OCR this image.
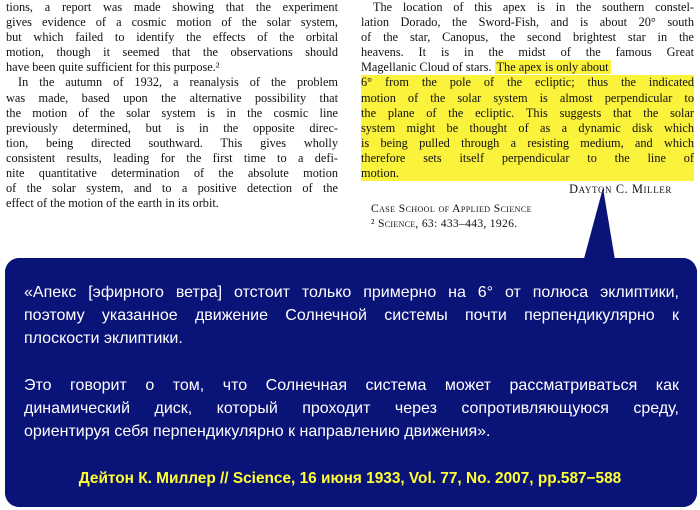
tions, a report was made showing that the experiment
gives evidence of a cosmic motion of the solar system,
but which failed to identify the effects of the orbital
motion, though it seemed that the observations should
have been quite sufficient for this purpose.²

In the autumn of 1932, a reanalysis of the problem
was made, based upon the alternative possibility that
the motion of the solar system is in the cosmic line
previously determined, but is in the opposite direc-
tion, being directed southward. This gives wholly
consistent results, leading for the first time to a defi-
nite quantitative determination of the absolute motion
of the solar system, and to a positive detection of the
effect of the motion of the earth in its orbit.

The location of this apex is in the southern constel-
lation Dorado, the Sword-Fish, and is about 20° south
of the star, Canopus, the second brightest star in the
heavens. It is in the midst of the famous Great
Magellanic Cloud of stars. The apex is only about
6° from the pole of the ecliptic; thus the indicated
motion of the solar system is almost perpendicular to
the plane of the ecliptic. This suggests that the solar
system might be thought of as a dynamic disk which
is being pulled through a resisting medium, and which
therefore sets itself perpendicular to the line of
motion.

Dayton C. Miller
Case School of Applied Science
² Science, 63: 433–443, 1926.
«Апекс [эфирного ветра] отстоит только примерно на 6° от полюса эклиптики,
поэтому указанное движение Солнечной системы почти перпендикулярно к
плоскости эклиптики.
Это говорит о том, что Солнечная система может рассматриваться как
динамический диск, который проходит через сопротивляющуюся среду,
ориентируя себя перпендикулярно к направлению движения».
Дейтон К. Миллер // Science, 16 июня 1933, Vol. 77, No. 2007, pp.587−588
